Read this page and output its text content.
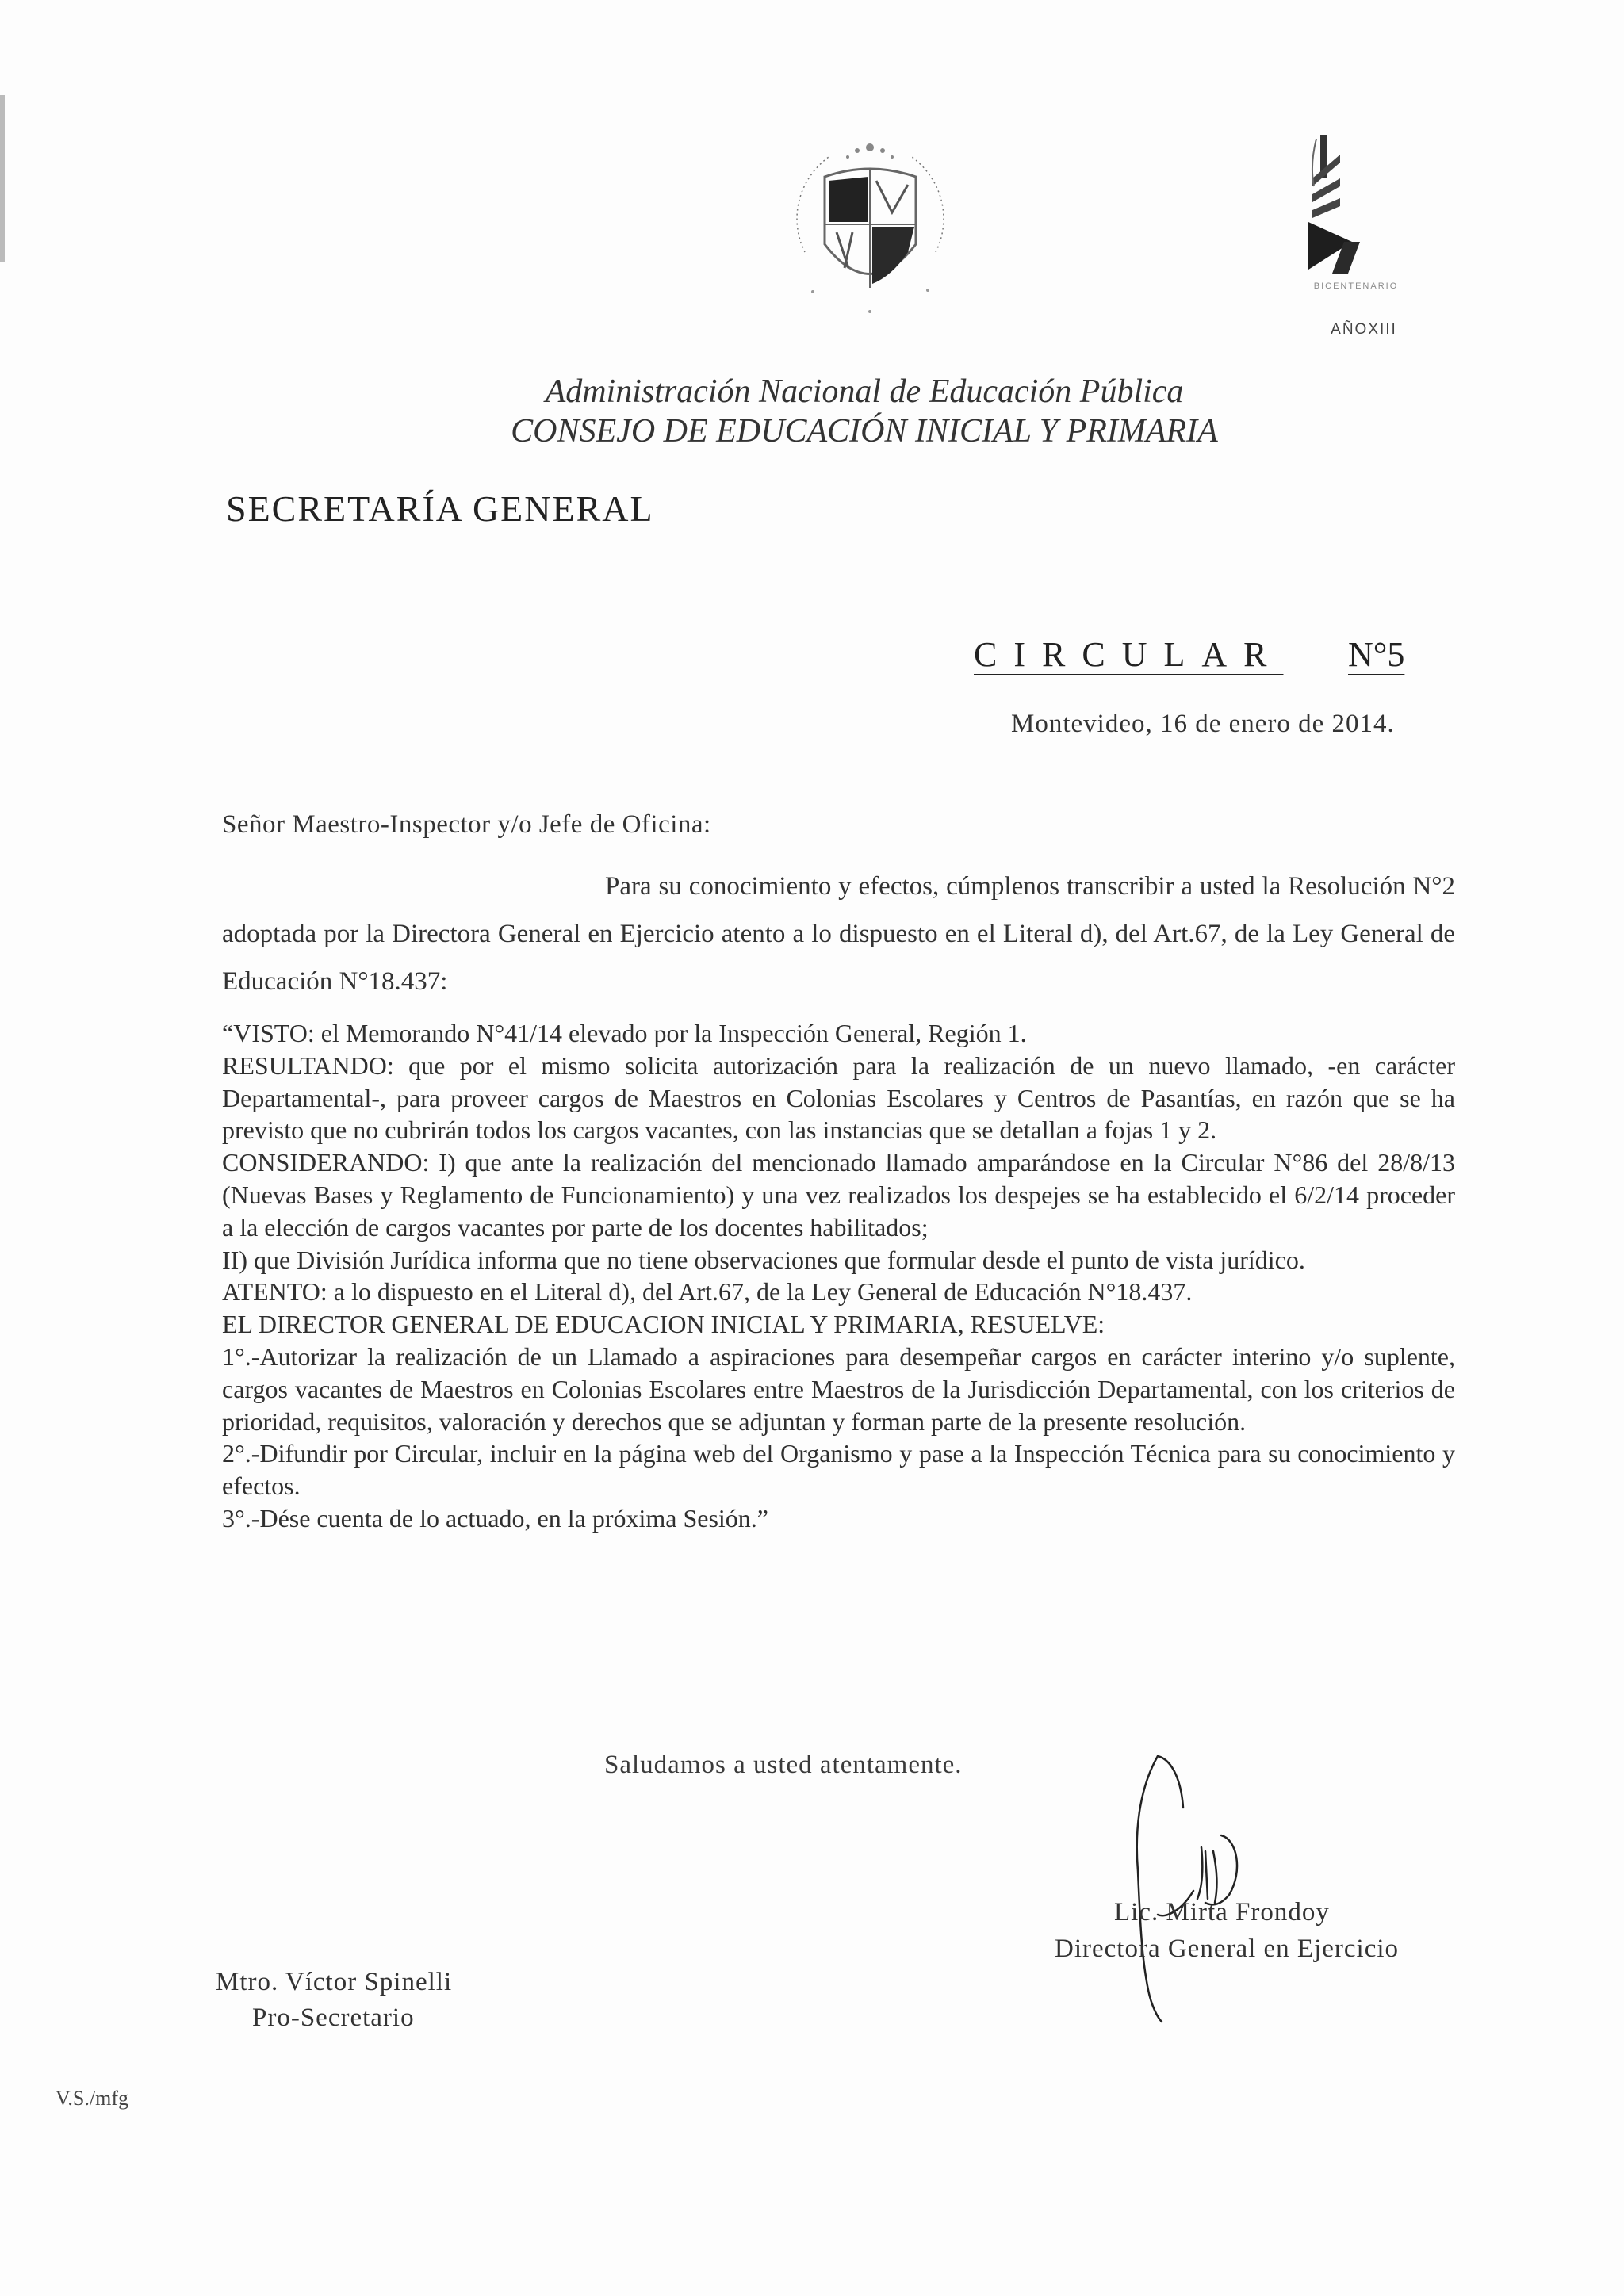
BICENTENARIO
AÑOXIII
Administración Nacional de Educación Pública
CONSEJO DE EDUCACIÓN INICIAL Y PRIMARIA
SECRETARÍA GENERAL
CIRCULAR N°5
Montevideo, 16 de enero de 2014.
Señor Maestro-Inspector y/o Jefe de Oficina:
Para su conocimiento y efectos, cúmplenos transcribir a usted la Resolución N°2 adoptada por la Directora General en Ejercicio atento a lo dispuesto en el Literal d), del Art.67, de la Ley General de Educación N°18.437:

“VISTO: el Memorando N°41/14 elevado por la Inspección General, Región 1.

RESULTANDO: que por el mismo solicita autorización para la realización de un nuevo llamado, -en carácter Departamental-, para proveer cargos de Maestros en Colonias Escolares y Centros de Pasantías, en razón que se ha previsto que no cubrirán todos los cargos vacantes, con las instancias que se detallan a fojas 1 y 2.

CONSIDERANDO: I) que ante la realización del mencionado llamado amparándose en la Circular N°86 del 28/8/13 (Nuevas Bases y Reglamento de Funcionamiento) y una vez realizados los despejes se ha establecido el 6/2/14 proceder a la elección de cargos vacantes por parte de los docentes habilitados;

II) que División Jurídica informa que no tiene observaciones que formular desde el punto de vista jurídico.

ATENTO: a lo dispuesto en el Literal d), del Art.67, de la Ley General de Educación N°18.437.

EL DIRECTOR GENERAL DE EDUCACION INICIAL Y PRIMARIA, RESUELVE:

1°.-Autorizar la realización de un Llamado a aspiraciones para desempeñar cargos en carácter interino y/o suplente, cargos vacantes de Maestros en Colonias Escolares entre Maestros de la Jurisdicción Departamental, con los criterios de prioridad, requisitos, valoración y derechos que se adjuntan y forman parte de la presente resolución.

2°.-Difundir por Circular, incluir en la página web del Organismo y pase a la Inspección Técnica para su conocimiento y efectos.

3°.-Dése cuenta de lo actuado, en la próxima Sesión.”

Saludamos a usted atentamente.
Lic. Mirta Frondoy
Directora General en Ejercicio
Mtro. Víctor Spinelli
Pro-Secretario
V.S./mfg
